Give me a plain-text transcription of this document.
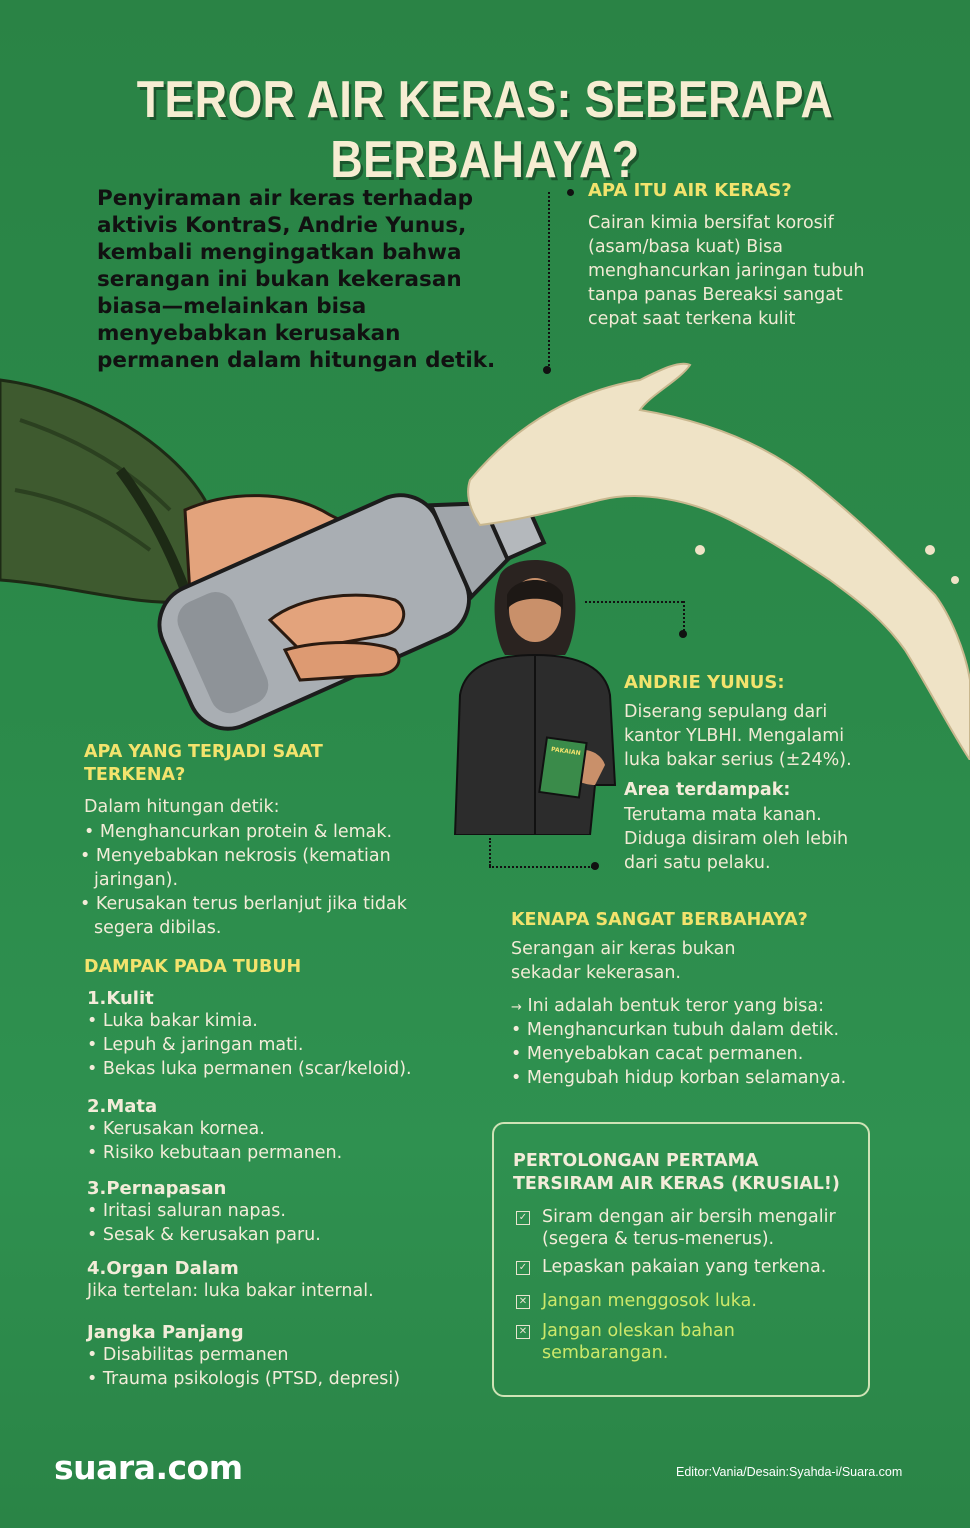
TEROR AIR KERAS: SEBERAPA BERBAHAYA?
Penyiraman air keras terhadap aktivis KontraS, Andrie Yunus, kembali mengingatkan bahwa serangan ini bukan kekerasan biasa—melainkan bisa menyebabkan kerusakan permanen dalam hitungan detik.
APA ITU AIR KERAS?
Cairan kimia bersifat korosif (asam/basa kuat) Bisa menghancurkan jaringan tubuh tanpa panas Bereaksi sangat cepat saat terkena kulit
PAKAIAN
ANDRIE YUNUS:
Diserang sepulang dari kantor YLBHI. Mengalami luka bakar serius (±24%).
Area terdampak:
Terutama mata kanan. Diduga disiram oleh lebih dari satu pelaku.
APA YANG TERJADI SAAT TERKENA?
Dalam hitungan detik:
• Menghancurkan protein & lemak.
• Menyebabkan nekrosis (kematian jaringan).
• Kerusakan terus berlanjut jika tidak segera dibilas.
DAMPAK PADA TUBUH

1.Kulit

• Luka bakar kimia.
• Lepuh & jaringan mati.
• Bekas luka permanen (scar/keloid).

2.Mata

• Kerusakan kornea.
• Risiko kebutaan permanen.

3.Pernapasan

• Iritasi saluran napas.
• Sesak & kerusakan paru.

4.Organ Dalam

Jika tertelan: luka bakar internal.

Jangka Panjang

• Disabilitas permanen
• Trauma psikologis (PTSD, depresi)
KENAPA SANGAT BERBAHAYA?
Serangan air keras bukan sekadar kekerasan.
→ Ini adalah bentuk teror yang bisa:
• Menghancurkan tubuh dalam detik.
• Menyebabkan cacat permanen.
• Mengubah hidup korban selamanya.
PERTOLONGAN PERTAMA TERSIRAM AIR KERAS (KRUSIAL!)
✓ Siram dengan air bersih mengalir (segera & terus-menerus).
✓ Lepaskan pakaian yang terkena.
✕ Jangan menggosok luka.
✕ Jangan oleskan bahan sembarangan.
suara.com	Editor:Vania/Desain:Syahda-i/Suara.com
